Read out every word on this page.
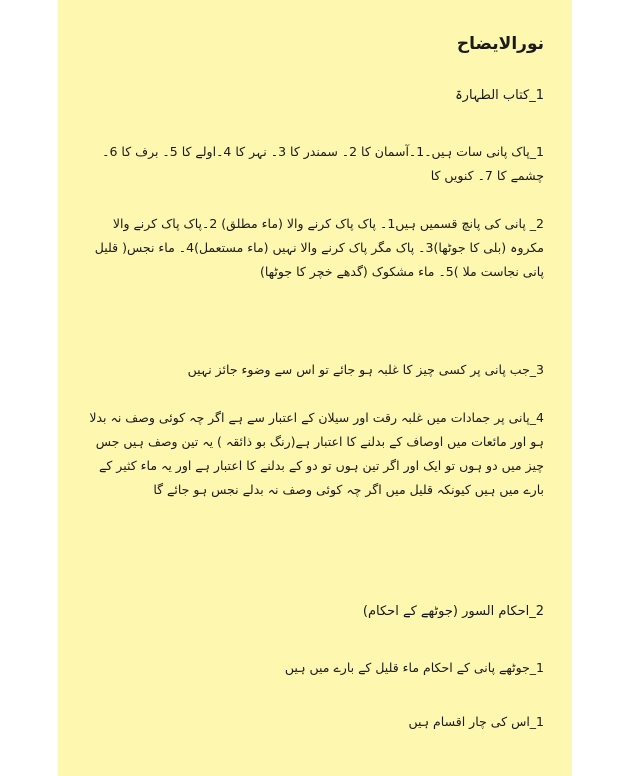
نورالایضاح
1_کتاب الطہارۃ
1_پاک پانی سات ہیں۔1۔آسمان کا 2۔ سمندر کا 3۔ نہر کا 4۔اولے کا 5۔ برف کا 6۔ چشمے کا 7۔ کنویں کا
2_ پانی کی پانچ قسمیں ہیں1۔ پاک پاک کرنے والا (ماء مطلق) 2۔پاک پاک کرنے والا مکروہ (بلی کا جوٹھا)3۔ پاک مگر پاک کرنے والا نہیں (ماء مستعمل)4۔ ماء نجس( قلیل پانی نجاست ملا )5۔ ماء مشکوک (گدھے خچر کا جوٹھا)
3_جب پانی پر کسی چیز کا غلبہ ہو جائے تو اس سے وضوء جائز نہیں
4_پانی پر جمادات میں غلبہ رقت اور سیلان کے اعتبار سے ہے اگر چہ کوئی وصف نہ بدلا ہو اور مائعات میں اوصاف کے بدلنے کا اعتبار ہے(رنگ بو ذائقہ ) یہ تین وصف ہیں جس چیز میں دو ہوں تو ایک اور اگر تین ہوں تو دو کے بدلنے کا اعتبار ہے اور یہ ماء کثیر کے بارے میں ہیں کیونکہ قلیل میں اگر چہ کوئی وصف نہ بدلے نجس ہو جائے گا
2_احکام السور (جوٹھے کے احکام)
1_جوٹھے پانی کے احکام ماء قلیل کے بارے میں ہیں
1_اس کی چار اقسام ہیں
